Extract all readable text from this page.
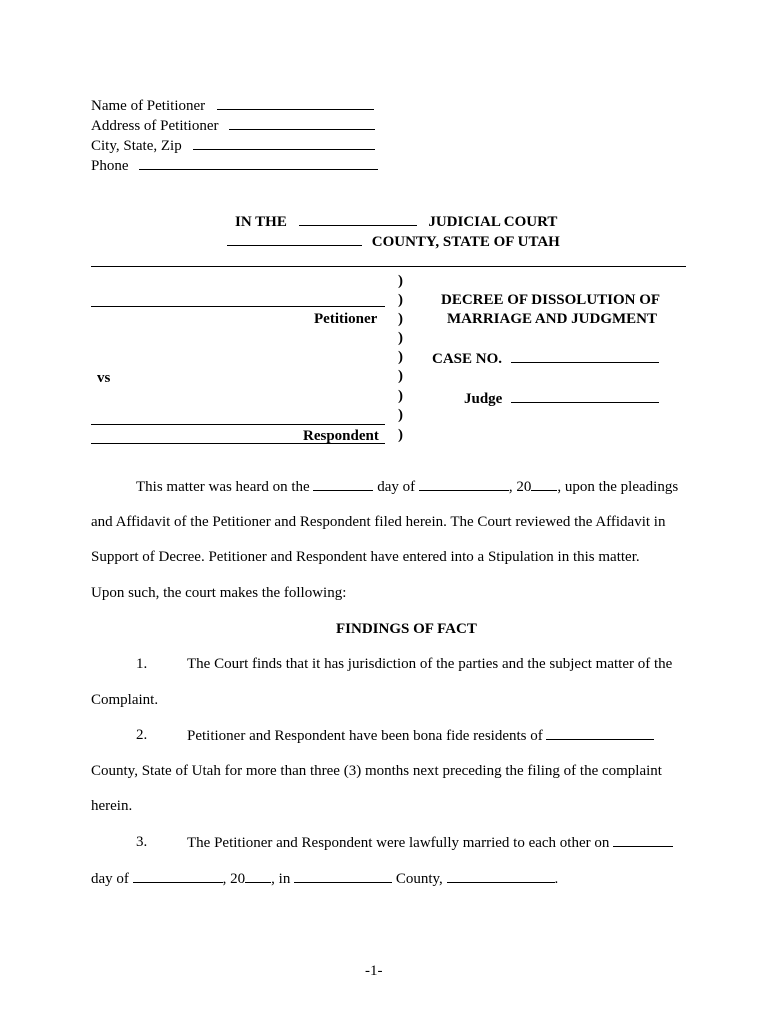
Name of Petitioner
Address of Petitioner
City, State, Zip
Phone
IN THE	JUDICIAL COURT
COUNTY, STATE OF UTAH
)
)
)
)
)
)
)
)
)
Petitioner
vs
Respondent
DECREE OF DISSOLUTION OF
MARRIAGE AND JUDGMENT
CASE NO.
Judge
This matter was heard on the	day of	, 20 , upon the pleadings
and Affidavit of the Petitioner and Respondent filed herein. The Court reviewed the Affidavit in
Support of Decree. Petitioner and Respondent have entered into a Stipulation in this matter.
Upon such, the court makes the following:
FINDINGS OF FACT
1.	The Court finds that it has jurisdiction of the parties and the subject matter of the
Complaint.
2.	Petitioner and Respondent have been bona fide residents of
County, State of Utah for more than three (3) months next preceding the filing of the complaint
herein.
3.	The Petitioner and Respondent were lawfully married to each other on
day of	, 20 , in	County,	.
-1-
